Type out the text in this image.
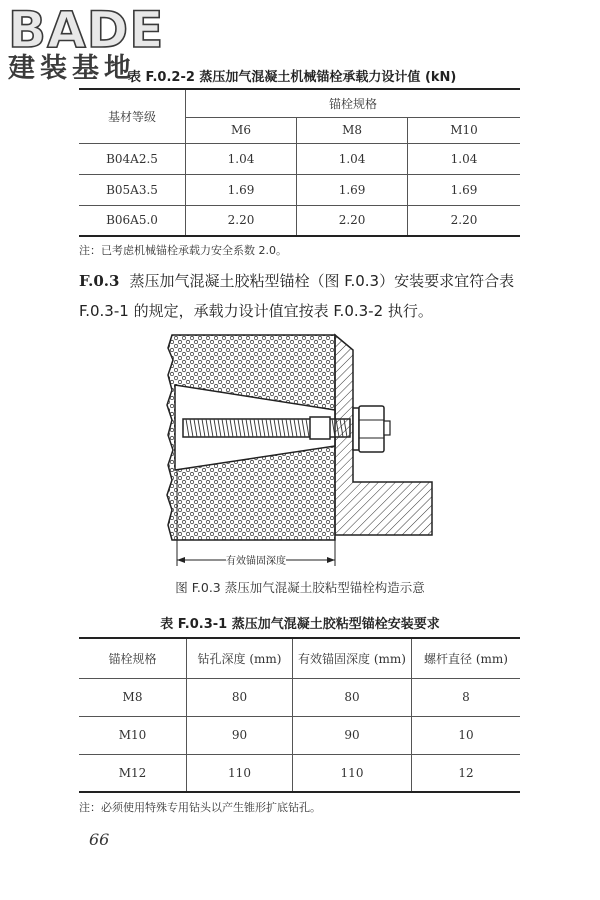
BADE
建装基地
表 F.0.2-2 蒸压加气混凝土机械锚栓承载力设计值 (kN)
基材等级	锚栓规格		
	M6	M8	M10
B04A2.5	1.04	1.04	1.04
B05A3.5	1.69	1.69	1.69
B06A5.0	2.20	2.20	2.20
注：已考虑机械锚栓承载力安全系数 2.0。
F.0.3 蒸压加气混凝土胶粘型锚栓（图 F.0.3）安装要求宜符合表 F.0.3-1 的规定，承载力设计值宜按表 F.0.3-2 执行。
有效锚固深度
图 F.0.3 蒸压加气混凝土胶粘型锚栓构造示意
表 F.0.3-1 蒸压加气混凝土胶粘型锚栓安装要求
锚栓规格	钻孔深度 (mm)	有效锚固深度 (mm)	螺杆直径 (mm)
M8	80	80	8
M10	90	90	10
M12	110	110	12
注：必须使用特殊专用钻头以产生锥形扩底钻孔。
66
